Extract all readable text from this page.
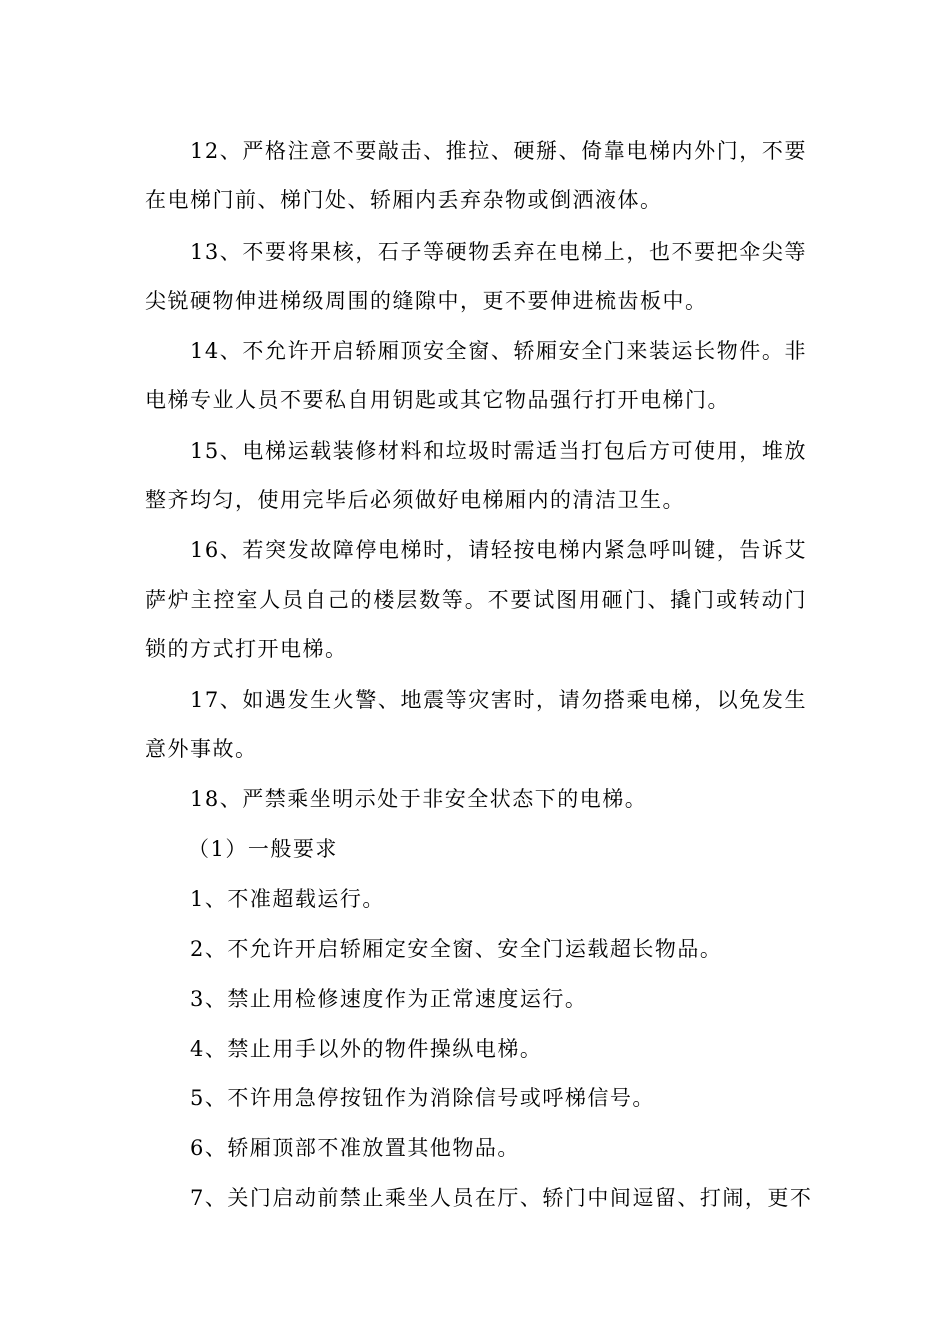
12、严格注意不要敲击、推拉、硬掰、倚靠电梯内外门，不要
在电梯门前、梯门处、轿厢内丢弃杂物或倒洒液体。
13、不要将果核，石子等硬物丢弃在电梯上，也不要把伞尖等
尖锐硬物伸进梯级周围的缝隙中，更不要伸进梳齿板中。
14、不允许开启轿厢顶安全窗、轿厢安全门来装运长物件。非
电梯专业人员不要私自用钥匙或其它物品强行打开电梯门。
15、电梯运载装修材料和垃圾时需适当打包后方可使用，堆放
整齐均匀，使用完毕后必须做好电梯厢内的清洁卫生。
16、若突发故障停电梯时，请轻按电梯内紧急呼叫键，告诉艾
萨炉主控室人员自己的楼层数等。不要试图用砸门、撬门或转动门
锁的方式打开电梯。
17、如遇发生火警、地震等灾害时，请勿搭乘电梯，以免发生
意外事故。
18、严禁乘坐明示处于非安全状态下的电梯。
（1）一般要求
1、不准超载运行。
2、不允许开启轿厢定安全窗、安全门运载超长物品。
3、禁止用检修速度作为正常速度运行。
4、禁止用手以外的物件操纵电梯。
5、不许用急停按钮作为消除信号或呼梯信号。
6、轿厢顶部不准放置其他物品。
7、关门启动前禁止乘坐人员在厅、轿门中间逗留、打闹，更不
